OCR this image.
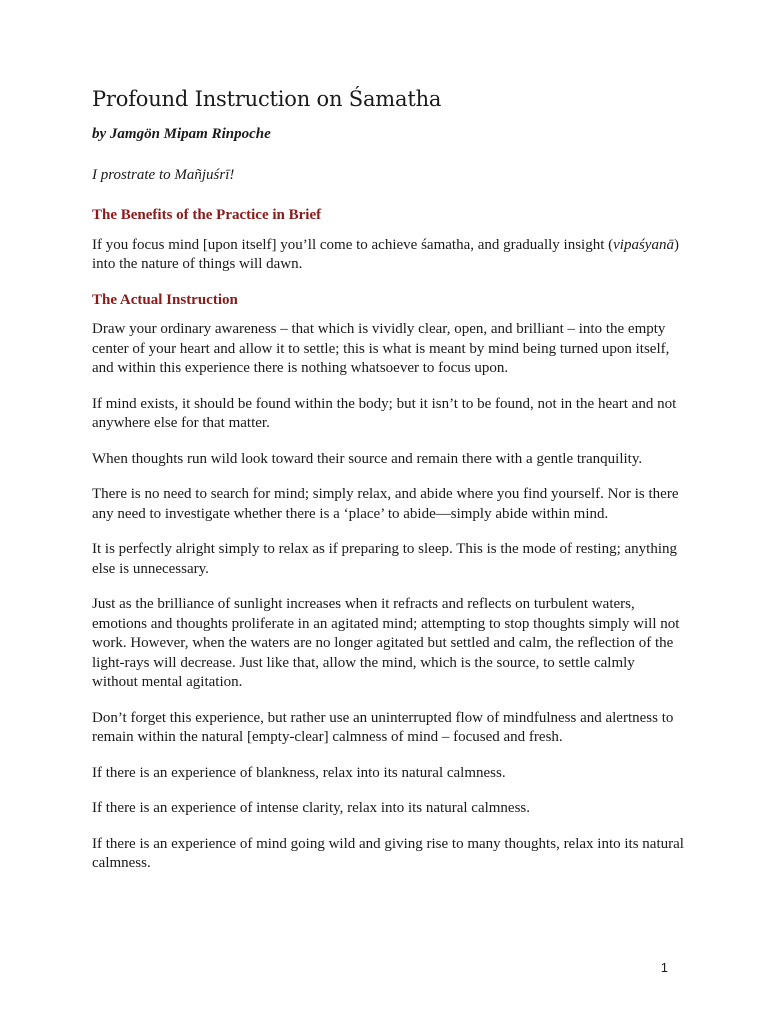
Profound Instruction on Śamatha

by Jamgön Mipam Rinpoche

I prostrate to Mañjuśrī!

The Benefits of the Practice in Brief

If you focus mind [upon itself] you’ll come to achieve śamatha, and gradually insight (vipaśyanā) into the nature of things will dawn.

The Actual Instruction

Draw your ordinary awareness – that which is vividly clear, open, and brilliant – into the empty center of your heart and allow it to settle; this is what is meant by mind being turned upon itself, and within this experience there is nothing whatsoever to focus upon.

If mind exists, it should be found within the body; but it isn’t to be found, not in the heart and not anywhere else for that matter.

When thoughts run wild look toward their source and remain there with a gentle tranquility.

There is no need to search for mind; simply relax, and abide where you find yourself. Nor is there any need to investigate whether there is a ‘place’ to abide—simply abide within mind.

It is perfectly alright simply to relax as if preparing to sleep. This is the mode of resting; anything else is unnecessary.

Just as the brilliance of sunlight increases when it refracts and reflects on turbulent waters, emotions and thoughts proliferate in an agitated mind; attempting to stop thoughts simply will not work. However, when the waters are no longer agitated but settled and calm, the reflection of the light-rays will decrease. Just like that, allow the mind, which is the source, to settle calmly without mental agitation.

Don’t forget this experience, but rather use an uninterrupted flow of mindfulness and alertness to remain within the natural [empty-clear] calmness of mind – focused and fresh.

If there is an experience of blankness, relax into its natural calmness.

If there is an experience of intense clarity, relax into its natural calmness.

If there is an experience of mind going wild and giving rise to many thoughts, relax into its natural calmness.

1
